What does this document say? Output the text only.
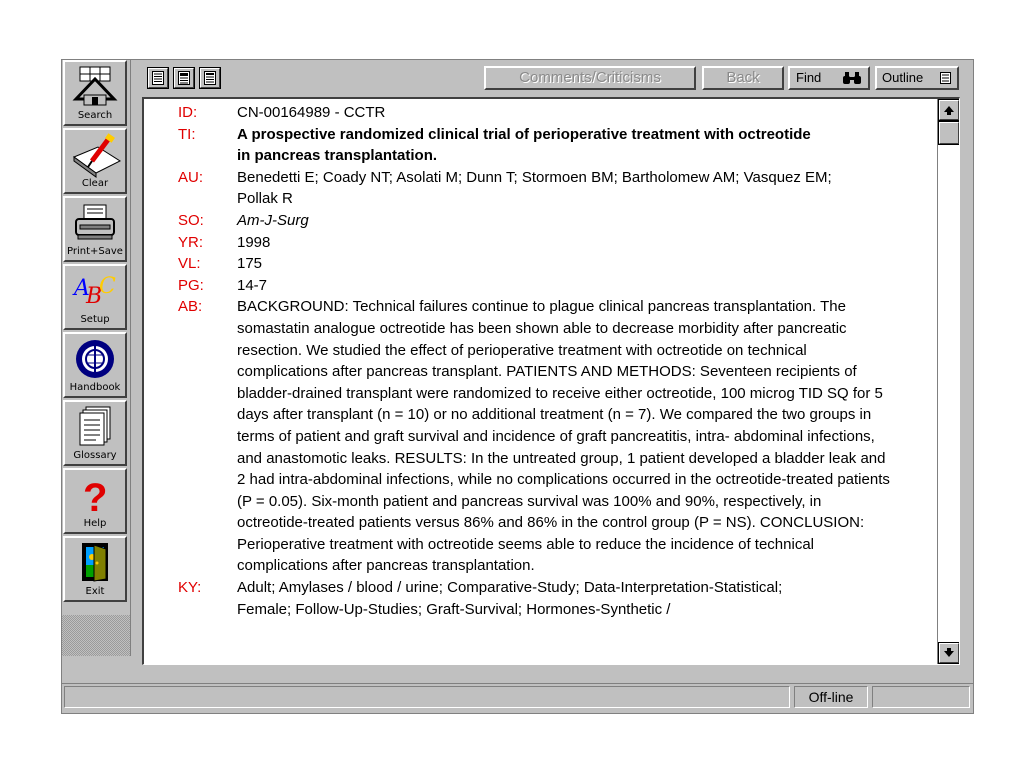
Search
Clear
Print+Save
A
B
C
Setup
Handbook
Glossary
?
Help
Exit
Comments/Criticisms	Back	Find	Outline
ID:	CN-00164989 - CCTR
TI:	A prospective randomized clinical trial of perioperative treatment with octreotide in pancreas transplantation.
AU: Benedetti E; Coady NT; Asolati M; Dunn T; Stormoen BM; Bartholomew AM; Vasquez EM; Pollak R
SO: Am-J-Surg
YR: 1998
VL: 175
PG: 14-7
AB: BACKGROUND: Technical failures continue to plague clinical pancreas transplantation. The somastatin analogue octreotide has been shown able to decrease morbidity after pancreatic resection. We studied the effect of perioperative treatment with octreotide on technical complications after pancreas transplant. PATIENTS AND METHODS: Seventeen recipients of bladder-drained transplant were randomized to receive either octreotide, 100 microg TID SQ for 5 days after transplant (n = 10) or no additional treatment (n = 7). We compared the two groups in terms of patient and graft survival and incidence of graft pancreatitis, intra- abdominal infections, and anastomotic leaks. RESULTS: In the untreated group, 1 patient developed a bladder leak and 2 had intra-abdominal infections, while no complications occurred in the octreotide-treated patients (P = 0.05). Six-month patient and pancreas survival was 100% and 90%, respectively, in octreotide-treated patients versus 86% and 86% in the control group (P = NS). CONCLUSION: Perioperative treatment with octreotide seems able to reduce the incidence of technical complications after pancreas transplantation.
KY: Adult; Amylases / blood / urine; Comparative-Study; Data-Interpretation-Statistical; Female; Follow-Up-Studies; Graft-Survival; Hormones-Synthetic /
Off-line
